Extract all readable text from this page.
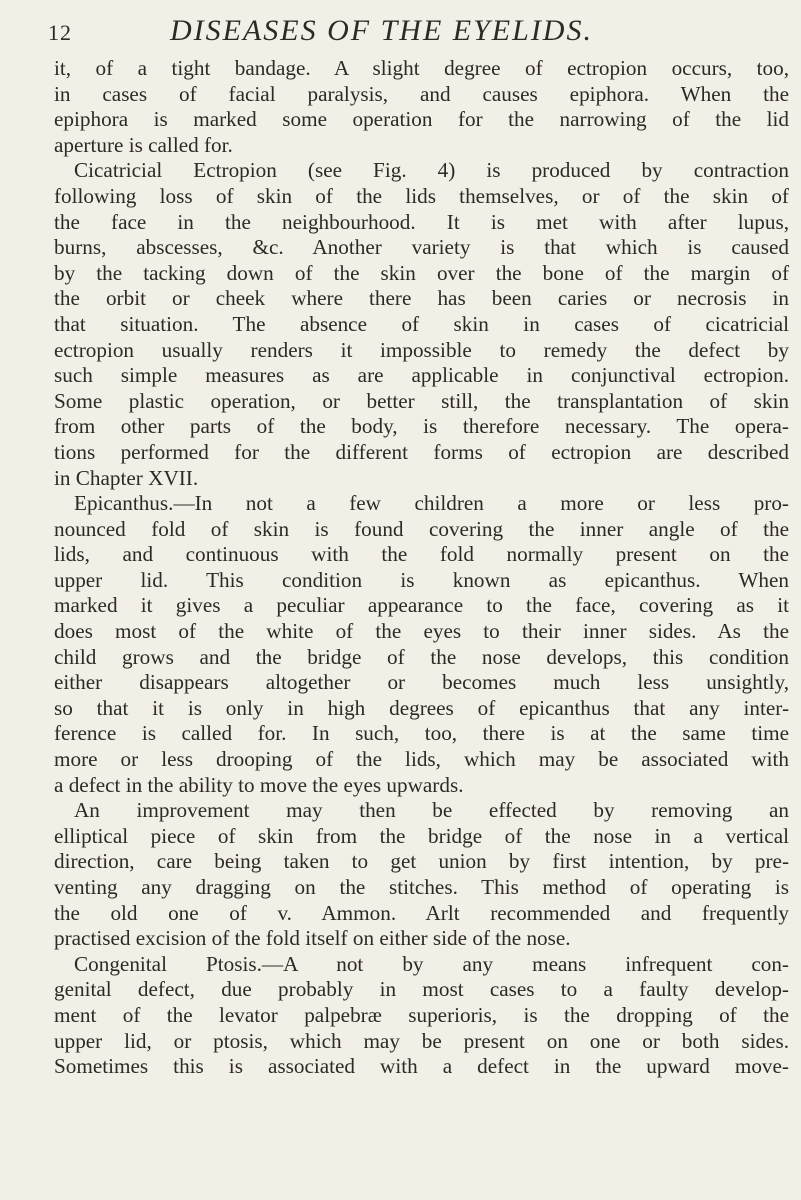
12	DISEASES OF THE EYELIDS.
it, of a tight bandage. A slight degree of ectropion occurs, too,
in cases of facial paralysis, and causes epiphora. When the
epiphora is marked some operation for the narrowing of the lid
aperture is called for.
Cicatricial Ectropion (see Fig. 4) is produced by contraction
following loss of skin of the lids themselves, or of the skin of
the face in the neighbourhood. It is met with after lupus,
burns, abscesses, &c. Another variety is that which is caused
by the tacking down of the skin over the bone of the margin of
the orbit or cheek where there has been caries or necrosis in
that situation. The absence of skin in cases of cicatricial
ectropion usually renders it impossible to remedy the defect by
such simple measures as are applicable in conjunctival ectropion.
Some plastic operation, or better still, the transplantation of skin
from other parts of the body, is therefore necessary. The opera-
tions performed for the different forms of ectropion are described
in Chapter XVII.
Epicanthus.—In not a few children a more or less pro-
nounced fold of skin is found covering the inner angle of the
lids, and continuous with the fold normally present on the
upper lid. This condition is known as epicanthus. When
marked it gives a peculiar appearance to the face, covering as it
does most of the white of the eyes to their inner sides. As the
child grows and the bridge of the nose develops, this condition
either disappears altogether or becomes much less unsightly,
so that it is only in high degrees of epicanthus that any inter-
ference is called for. In such, too, there is at the same time
more or less drooping of the lids, which may be associated with
a defect in the ability to move the eyes upwards.
An improvement may then be effected by removing an
elliptical piece of skin from the bridge of the nose in a vertical
direction, care being taken to get union by first intention, by pre-
venting any dragging on the stitches. This method of operating is
the old one of v. Ammon. Arlt recommended and frequently
practised excision of the fold itself on either side of the nose.
Congenital Ptosis.—A not by any means infrequent con-
genital defect, due probably in most cases to a faulty develop-
ment of the levator palpebræ superioris, is the dropping of the
upper lid, or ptosis, which may be present on one or both sides.
Sometimes this is associated with a defect in the upward move-
